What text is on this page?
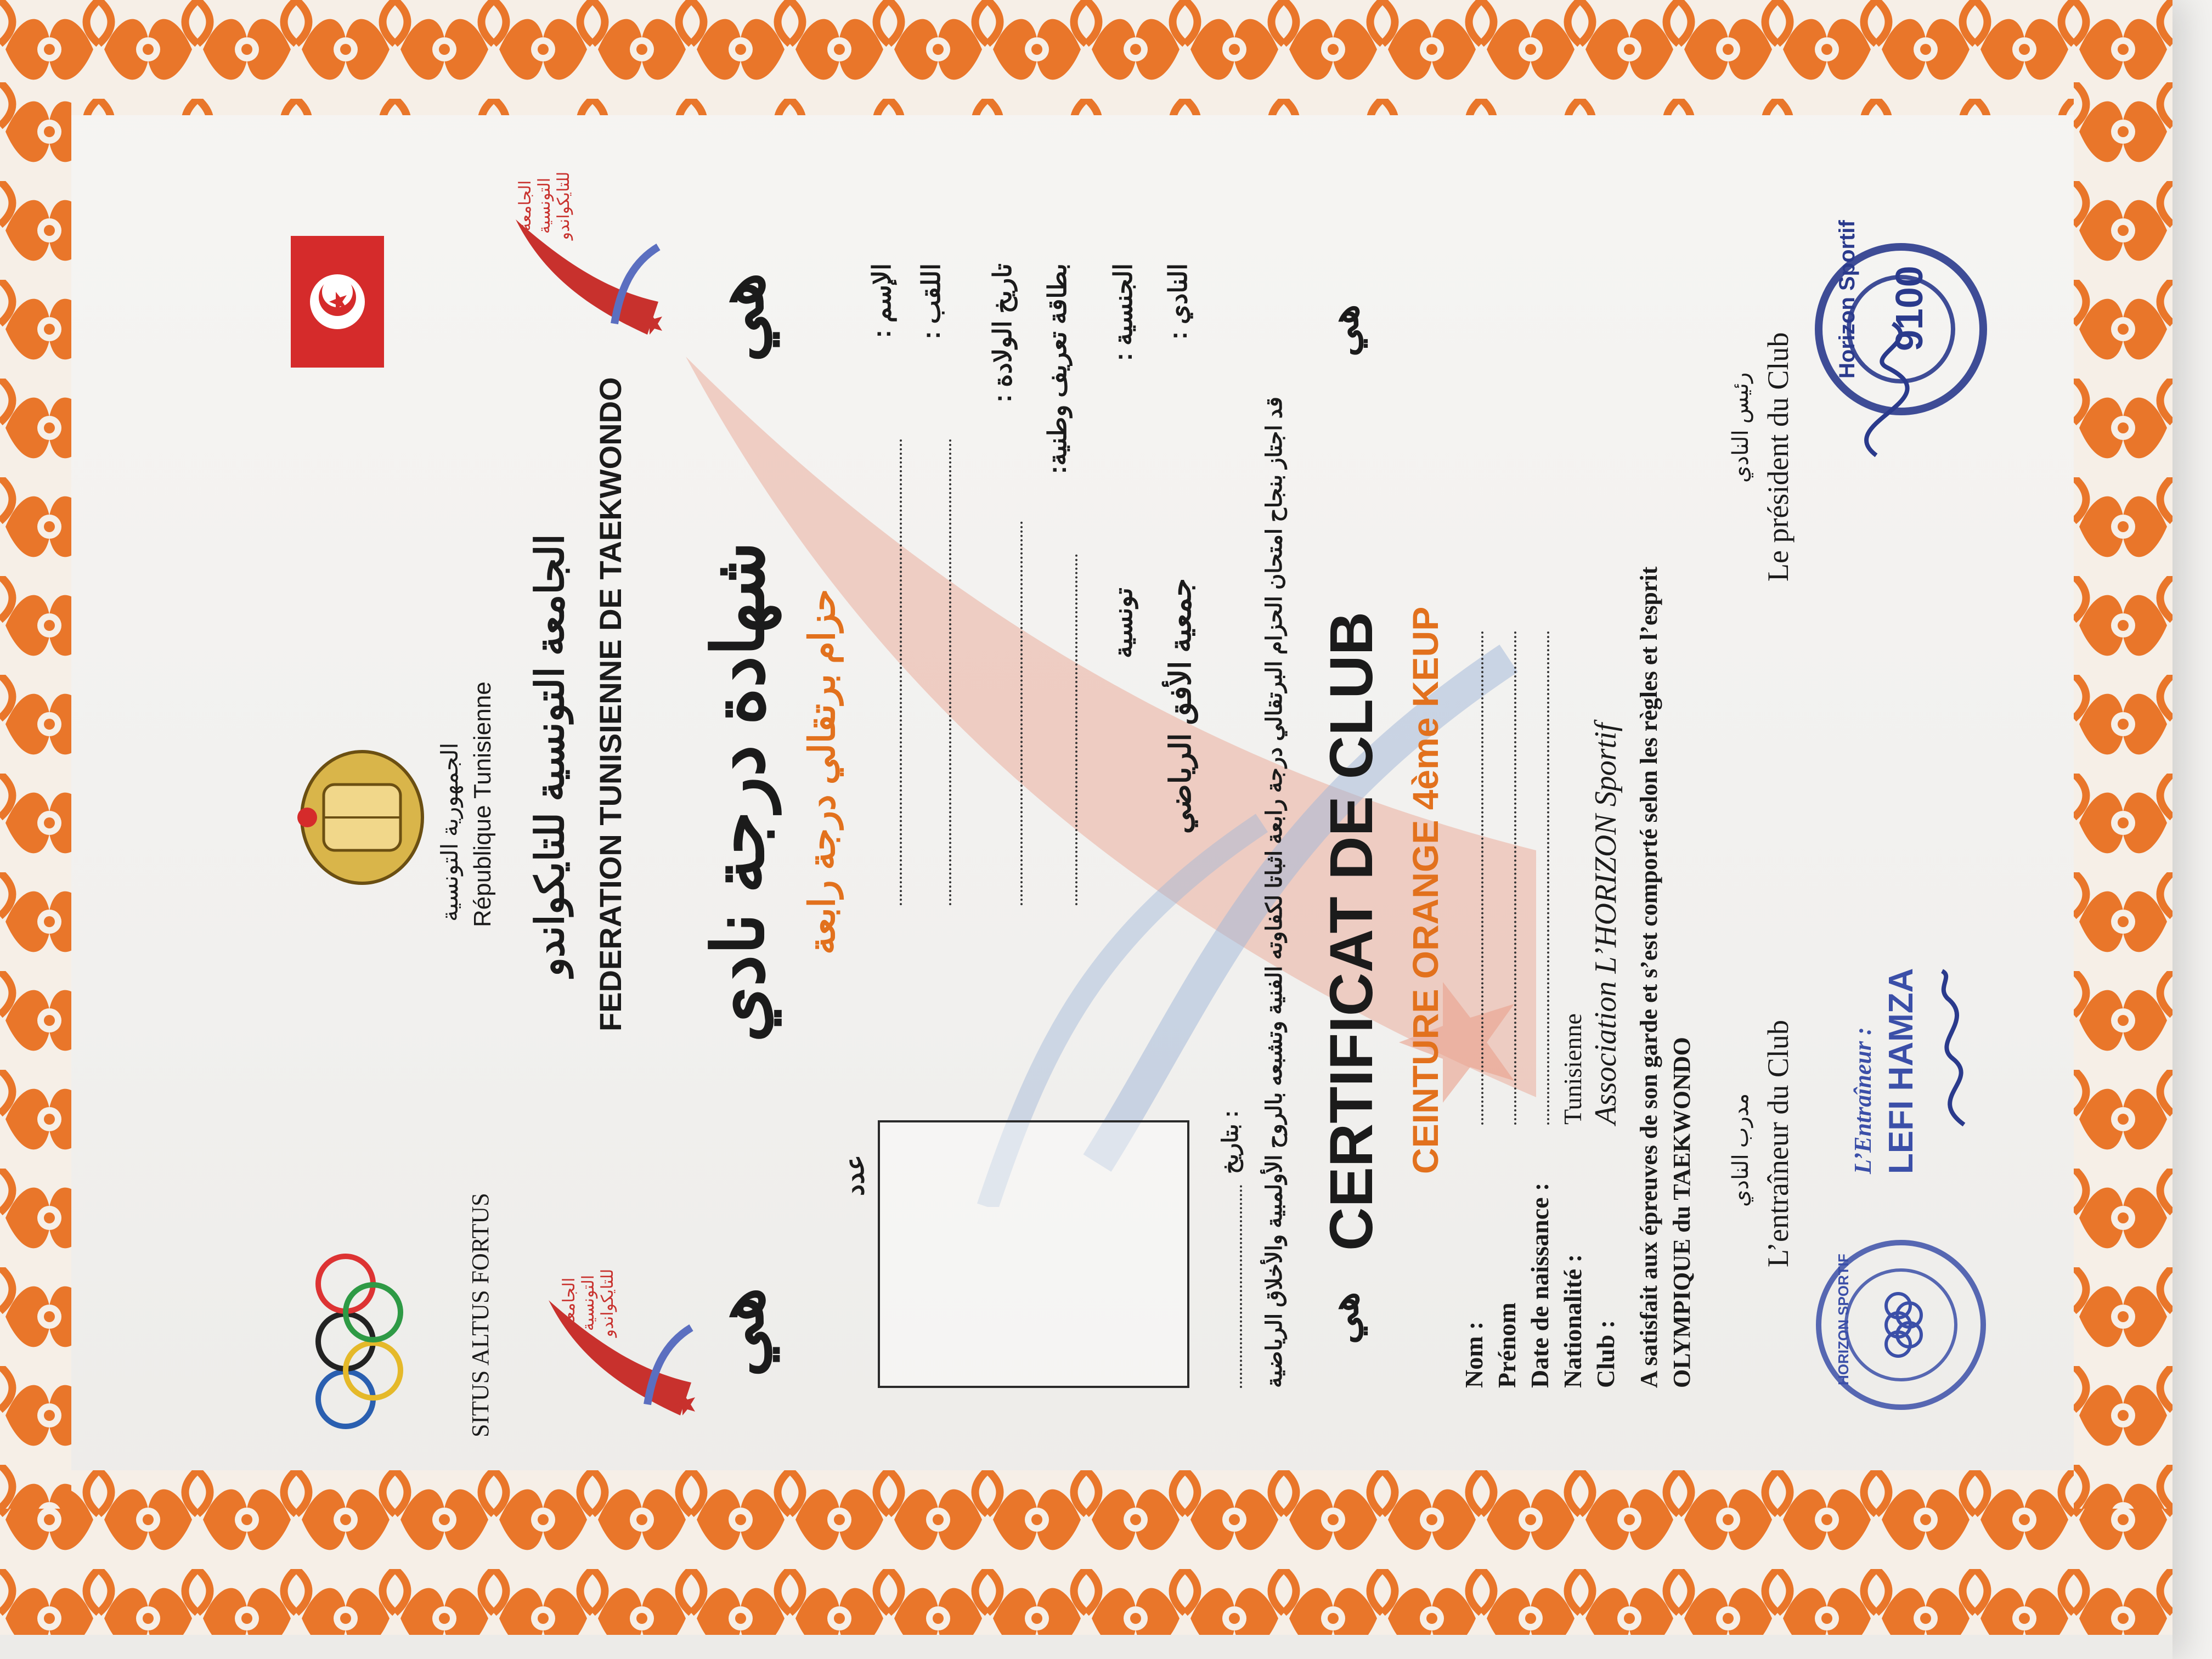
SITUS ALTUS FORTUS
الجمهورية التونسية République Tunisienne
الجامعة التونسية للتايكواندو
الجامعة التونسية للتايكواندو
الجامعة التونسية للتايكواندو FEDERATION TUNISIENNE DE TAEKWONDO
ﻫﻲ
شهادة درجة نادي
ﻫﻲ
حزام برتقالي درجة رابعة
عدد
الإسم : اللقب : تاريخ الولادة : بطاقة تعريف وطنية: الجنسية :
تونسية
النادي :
جمعية الأفق الرياضي	قد اجتاز بنجاح امتحان الحزام البرتقالي درجة رابعة اثباتا لكفاوته الفنية وتشبعه بالروح الأولمبية والأخلاق الرياضية
بتاريخ :
ﻫﻲ
CERTIFICAT DE CLUB
ﻫﻲ
CEINTURE ORANGE 4ème KEUP
Nom : Prénom Date de naissance : Nationalité :
Tunisienne
Club :
Association L’HORIZON Sportif A satisfait aux épreuves de son garde et s’est comporté selon les règles et l’esprit OLYMPIQUE du TAEKWONDO مدرب النادي L’entraîneur du Club
رئيس النادي Le président du Club
HORIZON SPORTIF
L’Entraîneur : LEFI HAMZA
Horizon Sportif 9100
